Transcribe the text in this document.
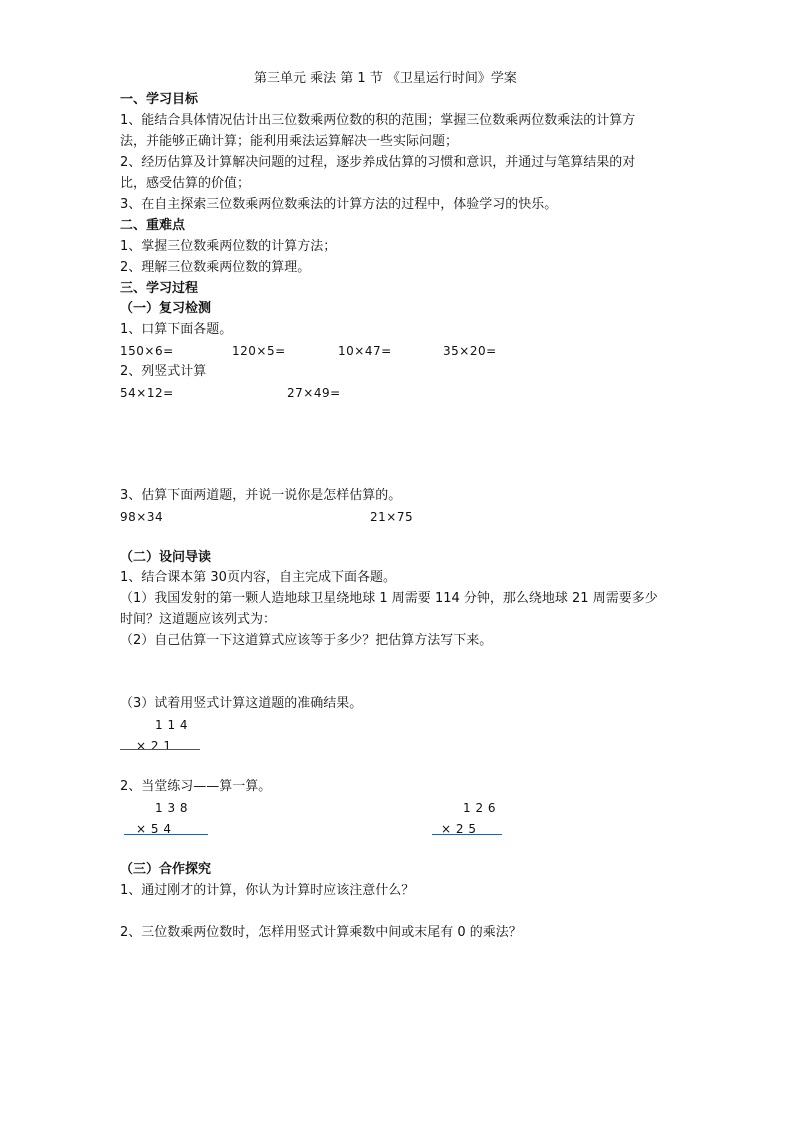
第三单元 乘法 第 1 节 《卫星运行时间》学案
一、学习目标
1、能结合具体情况估计出三位数乘两位数的积的范围；掌握三位数乘两位数乘法的计算方
法，并能够正确计算；能利用乘法运算解决一些实际问题；
2、经历估算及计算解决问题的过程，逐步养成估算的习惯和意识，并通过与笔算结果的对
比，感受估算的价值；
3、在自主探索三位数乘两位数乘法的计算方法的过程中，体验学习的快乐。
二、重难点
1、掌握三位数乘两位数的计算方法；
2、理解三位数乘两位数的算理。
三、学习过程
（一）复习检测
1、口算下面各题。
150×6=	120×5=	10×47=	35×20=
2、列竖式计算
54×12=	27×49=
3、估算下面两道题，并说一说你是怎样估算的。
98×34	21×75
（二）设问导读
1、结合课本第 30页内容，自主完成下面各题。
（1）我国发射的第一颗人造地球卫星绕地球 1 周需要 114 分钟，那么绕地球 21 周需要多少
时间？这道题应该列式为：
（2）自己估算一下这道算式应该等于多少？把估算方法写下来。
（3）试着用竖式计算这道题的准确结果。
1 1 4
× 2 1
2、当堂练习——算一算。
1 3 8
× 5 4
1 2 6
× 2 5
（三）合作探究
1、通过刚才的计算，你认为计算时应该注意什么？
2、三位数乘两位数时，怎样用竖式计算乘数中间或末尾有 0 的乘法？
